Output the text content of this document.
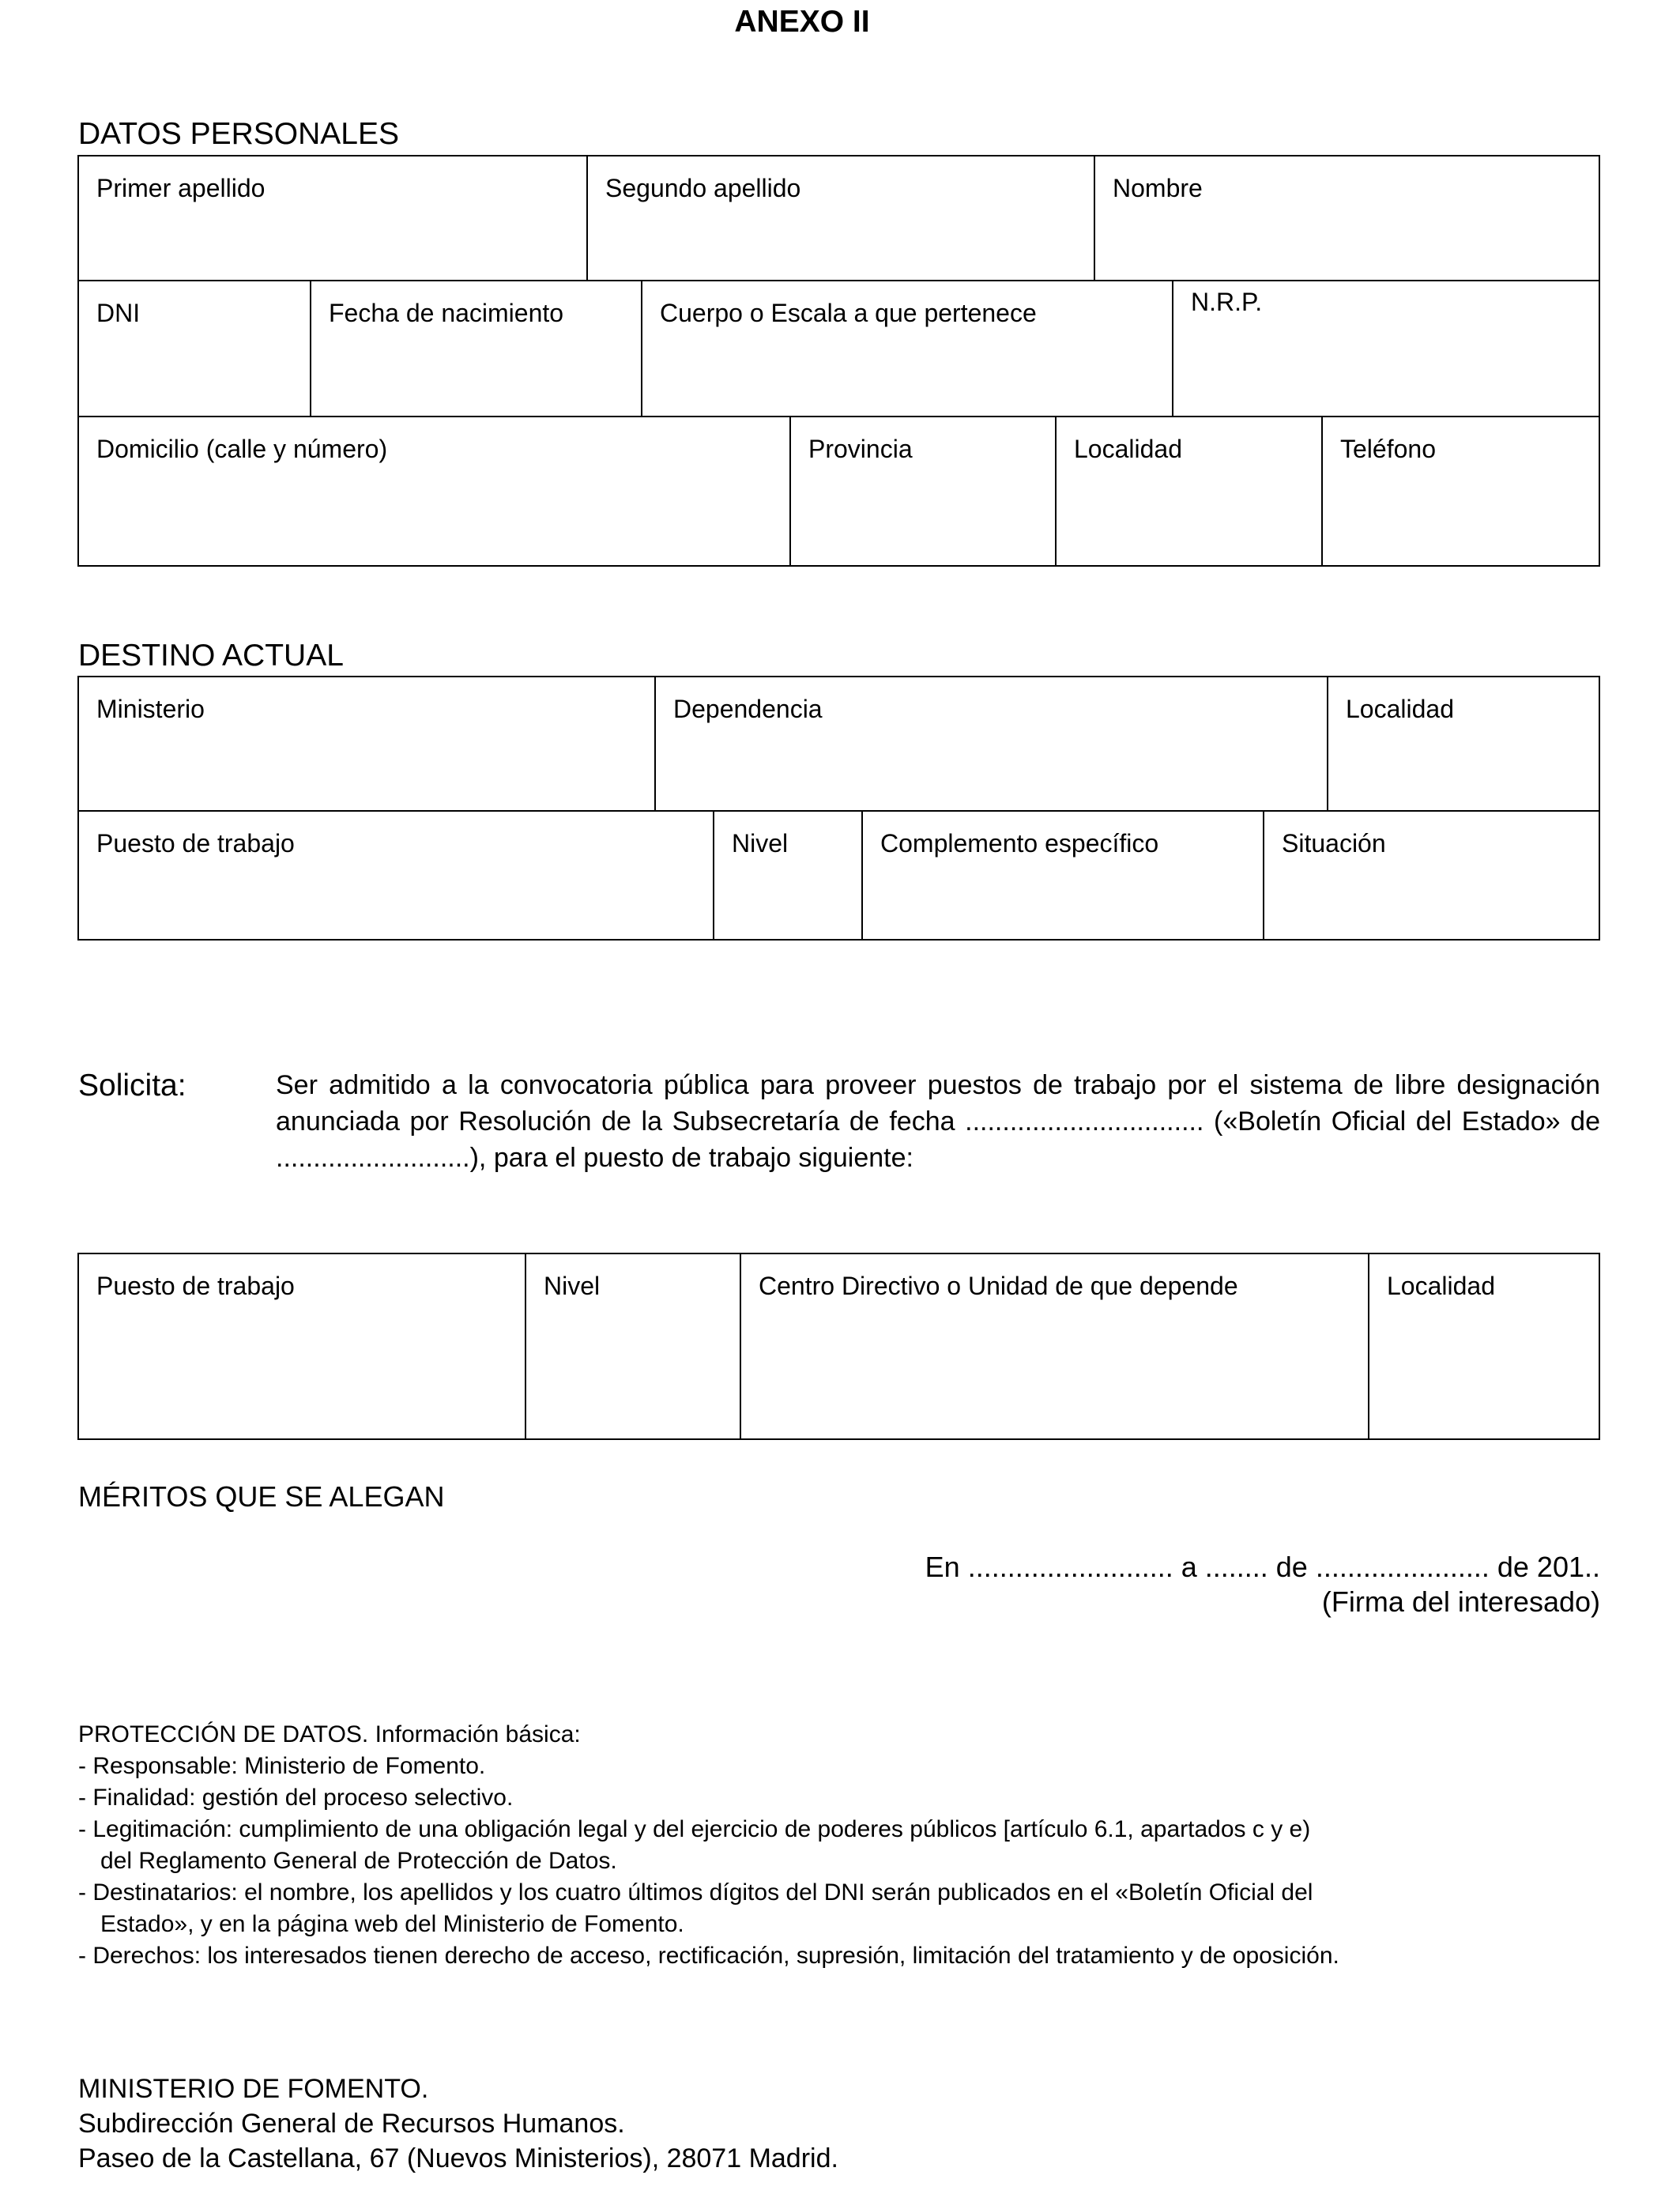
ANEXO II
DATOS PERSONALES
Primer apellido	Segundo apellido	Nombre
DNI	Fecha de nacimiento	Cuerpo o Escala a que pertenece	N.R.P.
Domicilio (calle y número)	Provincia	Localidad	Teléfono
DESTINO ACTUAL
Ministerio	Dependencia	Localidad
Puesto de trabajo	Nivel	Complemento específico	Situación
Solicita:	Ser admitido a la convocatoria pública para proveer puestos de trabajo por el sistema de libre designación anunciada por Resolución de la Subsecretaría de fecha ................................ («Boletín Oficial del Estado» de ..........................), para el puesto de trabajo siguiente:
Puesto de trabajo	Nivel	Centro Directivo o Unidad de que depende	Localidad
MÉRITOS QUE SE ALEGAN
En .......................... a ........ de ...................... de 201..
(Firma del interesado)
PROTECCIÓN DE DATOS. Información básica:
- Responsable: Ministerio de Fomento.
- Finalidad: gestión del proceso selectivo.
- Legitimación: cumplimiento de una obligación legal y del ejercicio de poderes públicos [artículo 6.1, apartados c y e)
del Reglamento General de Protección de Datos.
- Destinatarios: el nombre, los apellidos y los cuatro últimos dígitos del DNI serán publicados en el «Boletín Oficial del
Estado», y en la página web del Ministerio de Fomento.
- Derechos: los interesados tienen derecho de acceso, rectificación, supresión, limitación del tratamiento y de oposición.
MINISTERIO DE FOMENTO.
Subdirección General de Recursos Humanos.
Paseo de la Castellana, 67 (Nuevos Ministerios), 28071 Madrid.
